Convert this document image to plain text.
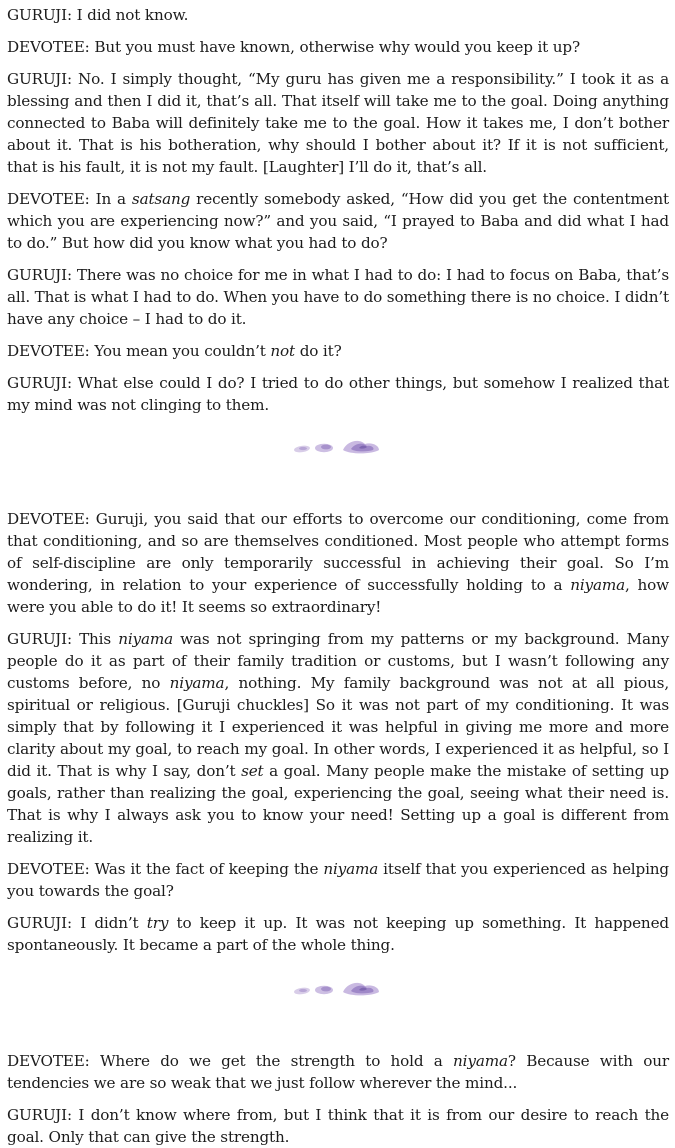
GURUJI: I did not know.

DEVOTEE: But you must have known, otherwise why would you keep it up?

GURUJI: No. I simply thought, “My guru has given me a responsibility.” I took it as a blessing and then I did it, that’s all. That itself will take me to the goal. Doing anything connected to Baba will definitely take me to the goal. How it takes me, I don’t bother about it. That is his botheration, why should I bother about it? If it is not sufficient, that is his fault, it is not my fault. [Laughter] I’ll do it, that’s all.

DEVOTEE: In a satsang recently somebody asked, “How did you get the contentment which you are experiencing now?” and you said, “I prayed to Baba and did what I had to do.” But how did you know what you had to do?

GURUJI: There was no choice for me in what I had to do: I had to focus on Baba, that’s all. That is what I had to do. When you have to do something there is no choice. I didn’t have any choice – I had to do it.

DEVOTEE: You mean you couldn’t not do it?

GURUJI: What else could I do? I tried to do other things, but somehow I realized that my mind was not clinging to them.

DEVOTEE: Guruji, you said that our efforts to overcome our conditioning, come from that conditioning, and so are themselves conditioned. Most people who attempt forms of self-discipline are only temporarily successful in achieving their goal. So I’m wondering, in relation to your experience of successfully holding to a niyama, how were you able to do it! It seems so extraordinary!

GURUJI: This niyama was not springing from my patterns or my background. Many people do it as part of their family tradition or customs, but I wasn’t following any customs before, no niyama, nothing. My family background was not at all pious, spiritual or religious. [Guruji chuckles] So it was not part of my conditioning. It was simply that by following it I experienced it was helpful in giving me more and more clarity about my goal, to reach my goal. In other words, I experienced it as helpful, so I did it. That is why I say, don’t set a goal. Many people make the mistake of setting up goals, rather than realizing the goal, experiencing the goal, seeing what their need is. That is why I always ask you to know your need! Setting up a goal is different from realizing it.

DEVOTEE: Was it the fact of keeping the niyama itself that you experienced as helping you towards the goal?

GURUJI: I didn’t try to keep it up. It was not keeping up something. It happened spontaneously. It became a part of the whole thing.

DEVOTEE: Where do we get the strength to hold a niyama? Because with our tendencies we are so weak that we just follow wherever the mind...

GURUJI: I don’t know where from, but I think that it is from our desire to reach the goal. Only that can give the strength.
